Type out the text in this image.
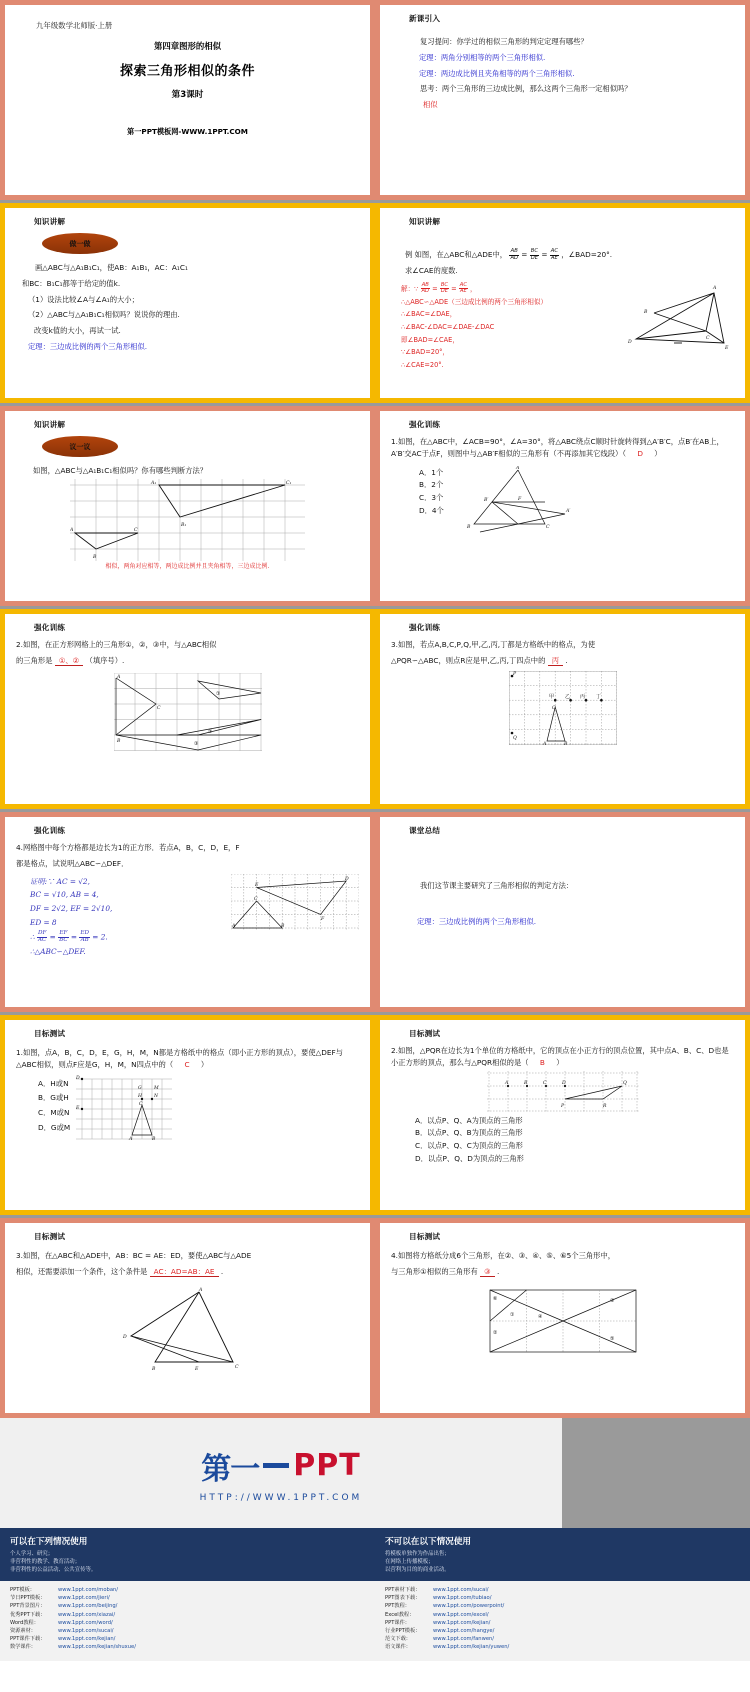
九年级数学北师版·上册
第四章图形的相似
探索三角形相似的条件
第3课时
第一PPT模板网-WWW.1PPT.COM
新课引入

复习提问：你学过的相似三角形的判定定理有哪些？

定理：两角分别相等的两个三角形相似.

定理：两边成比例且夹角相等的两个三角形相似.

思考：两个三角形的三边成比例，那么这两个三角形一定相似吗？

相似

知识讲解
做一做

画△ABC与△A₁B₁C₁，使AB：A₁B₁，AC：A₁C₁

和BC：B₁C₁都等于给定的值k.

（1）设法比较∠A与∠A₁的大小；

（2）△ABC与△A₁B₁C₁相似吗？说说你的理由.

改变k值的大小，再试一试.

定理：三边成比例的两个三角形相似.

知识讲解

例 如图，在△ABC和△ADE中， $\frac{AB}{AD} = \frac{BC}{DE} = \frac{AC}{AE}$ ，∠BAD=20°.

求∠CAE的度数.

解：∵ $\frac{AB}{AD} = \frac{BC}{DE} = \frac{AC}{AE}$ ，

∴△ABC∽△ADE（三边成比例的两个三角形相似）

∴∠BAC=∠DAE，

∴∠BAC-∠DAC=∠DAE-∠DAC

即∠BAD=∠CAE，

∵∠BAD=20°，

∴∠CAE=20°.

A
B
C
D
E
知识讲解
议一议
如图，△ABC与△A₁B₁C₁相似吗？你有哪些判断方法？
A₁
B₁
C₁
A
B
C
相似，两角对应相等，两边成比例并且夹角相等，三边成比例.
强化训练
1.如图，在△ABC中，∠ACB=90°，∠A=30°，将△ABC绕点C顺时针旋转得到△A′B′C，点B′在AB上，A′B′交AC于点F，则图中与△AB′F相似的三角形有（不再添加其它线段）（ D ）

A．1个

B．2个

C．3个

D．4个

A
B′	F
A′
B	C
强化训练

2.如图，在正方形网格上的三角形①，②，③中，与△ABC相似

的三角形是 ①、② （填序号）.

A
C
B
①
②
③
强化训练

3.如图，若点A,B,C,P,Q,甲,乙,丙,丁都是方格纸中的格点，为使

△PQR∽△ABC，则点R应是甲,乙,丙,丁四点中的 丙 .

P
Q
C
甲 乙 丙 丁
A	B
强化训练

4.网格图中每个方格都是边长为1的正方形．若点A，B，C，D，E，F

都是格点，试说明△ABC∽△DEF．

证明:∵ AC = √2,

BC = √10, AB = 4,

DF = 2√2, EF = 2√10,

ED = 8

∴ $\frac{DF}{AC} = \frac{EF}{BC} = \frac{ED}{AB} = 2$.

∴△ABC∽△DEF.

E
D
F
A
C
B
课堂总结
我们这节课主要研究了三角形相似的判定方法：
定理：三边成比例的两个三角形相似.
目标测试
1.如图，点A，B，C，D，E，G，H，M，N都是方格纸中的格点（即小正方形的顶点），要使△DEF与△ABC相似，则点F应是G，H，M，N四点中的（ C ）

A．H或N

B．G或H

C．M或N

D．G或M

D
E
H	N
C
A	B
G	M
目标测试
2.如图，△PQR在边长为1个单位的方格纸中，它的顶点在小正方行的顶点位置，其中点A、B、C、D也是小正方形的顶点，那么与△PQR相似的是（ B ）
A	B	C	D	Q
P	R

A．以点P、Q、A为顶点的三角形

B．以点P、Q、B为顶点的三角形

C．以点P、Q、C为顶点的三角形

D．以点P、Q、D为顶点的三角形

目标测试

3.如图，在△ABC和△ADE中，AB：BC = AE：ED，要使△ABC与△ADE

相似，还需要添加一个条件，这个条件是 AC：AD=AB：AE .

A
D
B	E	C
目标测试

4.如图将方格纸分成6个三角形，在②、③、④、⑤、⑥5个三角形中，

与三角形①相似的三角形有 ③ .

⑥
①
②
④
③
⑤
第一 PPT
HTTP://WWW.1PPT.COM
可以在下列情况使用
个人学习、研究；
非营利性的教学、教育活动；
非营利性的公益活动、公共宣传等。
不可以在以下情况使用
将模板单独作为作品出售；
在网络上传播模板；
以营利为目的的商业活动。
PPT模板：	www.1ppt.com/moban/
节日PPT模板：	www.1ppt.com/jieri/
PPT背景图片：	www.1ppt.com/beijing/
优秀PPT下载：	www.1ppt.com/xiazai/
Word教程：	www.1ppt.com/word/
资源素材：	www.1ppt.com/sucai/
PPT课件下载：	www.1ppt.com/kejian/
数学课件：	www.1ppt.com/kejian/shuxue/
PPT素材下载：	www.1ppt.com/sucai/
PPT图表下载：	www.1ppt.com/tubiao/
PPT教程：	www.1ppt.com/powerpoint/
Excel教程：	www.1ppt.com/excel/
PPT课件：	www.1ppt.com/kejian/
行业PPT模板：	www.1ppt.com/hangye/
范文下载：	www.1ppt.com/fanwen/
语文课件：	www.1ppt.com/kejian/yuwen/
